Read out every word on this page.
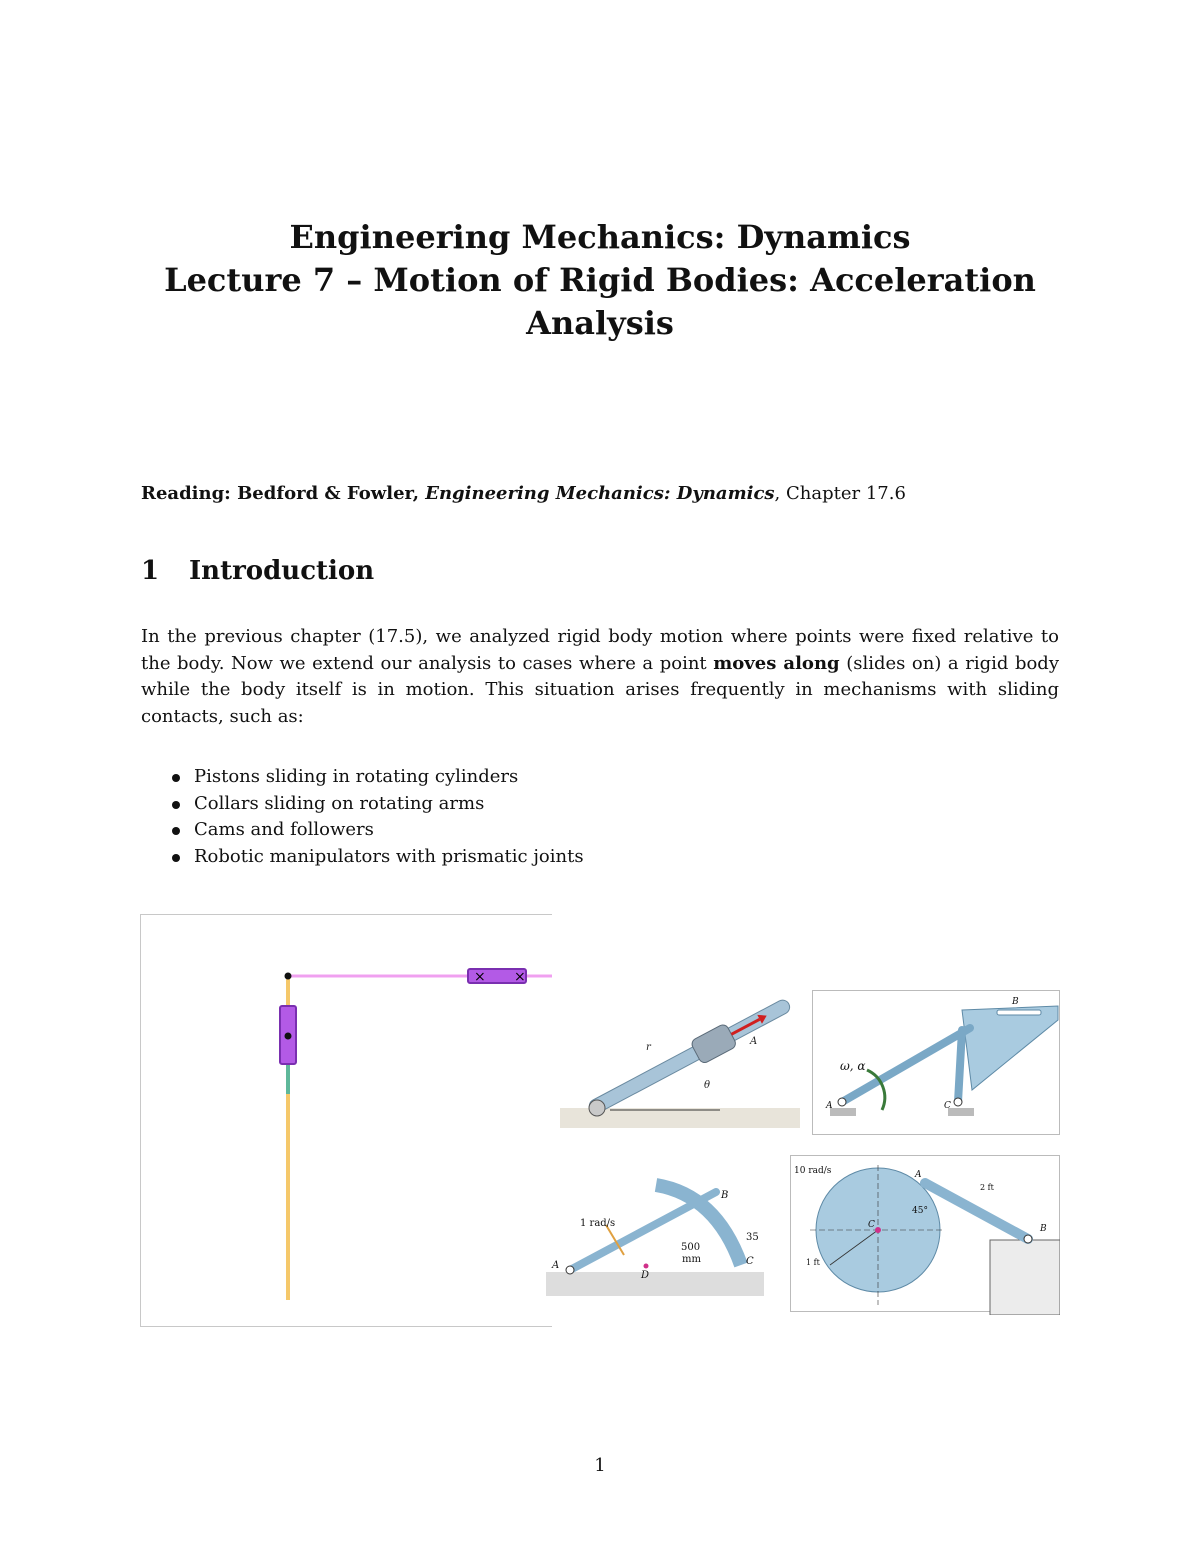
Engineering Mechanics: Dynamics
Lecture 7 – Motion of Rigid Bodies: Acceleration
Analysis
Reading: Bedford & Fowler, Engineering Mechanics: Dynamics, Chapter 17.6
1 Introduction
In the previous chapter (17.5), we analyzed rigid body motion where points were fixed relative to the body. Now we extend our analysis to cases where a point moves along (slides on) a rigid body while the body itself is in motion. This situation arises frequently in mechanisms with sliding contacts, such as:
Pistons sliding in rotating cylinders
Collars sliding on rotating arms
Cams and followers
Robotic manipulators with prismatic joints
× ×
A
r
θ
ω, α
A
B
C
1 rad/s
500
mm
35
A
B
C
D
10 rad/s
45°
A
B
C
1 ft
2 ft
1
